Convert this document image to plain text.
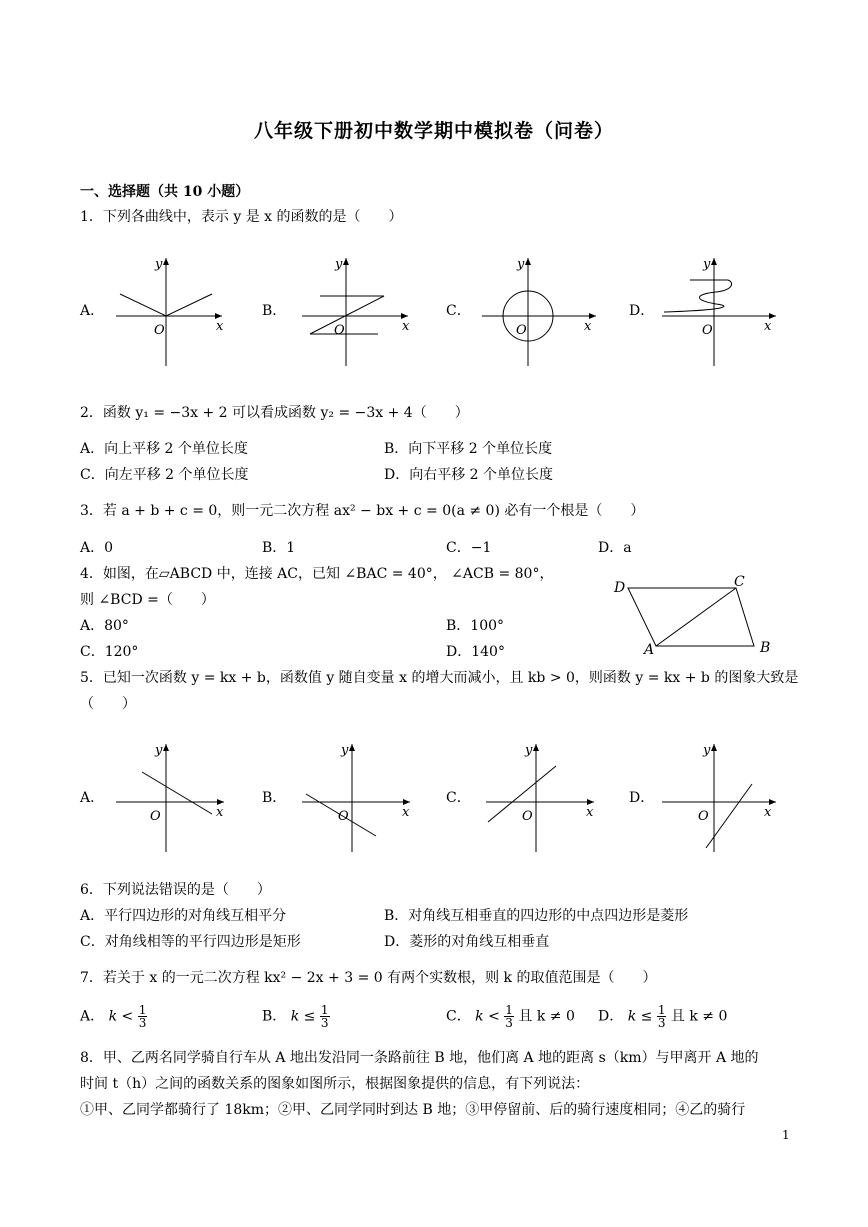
八年级下册初中数学期中模拟卷（问卷）
一、选择题（共 10 小题）
1．下列各曲线中，表示 y 是 x 的函数的是（　　）
A．	B．	C．	D．
O	x
y
O	x
y
O	x
y
O	x
y
2．函数 y₁ = −3x + 2 可以看成函数 y₂ = −3x + 4（　　）
A．向上平移 2 个单位长度	B．向下平移 2 个单位长度
C．向左平移 2 个单位长度	D．向右平移 2 个单位长度
3．若 a + b + c = 0，则一元二次方程 ax² − bx + c = 0(a ≠ 0) 必有一个根是（　　）
A．0	B．1	C．−1	D．a
4．如图，在▱ABCD 中，连接 AC，已知 ∠BAC = 40°， ∠ACB = 80°，
则 ∠BCD =（　　）
A．80°	B．100°
C．120°	D．140°
D	C
A	B
5．已知一次函数 y = kx + b，函数值 y 随自变量 x 的增大而减小，且 kb > 0，则函数 y = kx + b 的图象大致是
（　　）
A．	B．	C．	D．
O	x
y
O	x
y
O	x
y
O	x
y
6．下列说法错误的是（　　）
A．平行四边形的对角线互相平分	B．对角线互相垂直的四边形的中点四边形是菱形
C．对角线相等的平行四边形是矩形	D．菱形的对角线互相垂直
7．若关于 x 的一元二次方程 kx² − 2x + 3 = 0 有两个实数根，则 k 的取值范围是（　　）
A． $k < \frac{1}{3}$	B． $k \le \frac{1}{3}$	C． $k < \frac{1}{3}$ 且 k ≠ 0 D． $k \le \frac{1}{3}$ 且 k ≠ 0
8．甲、乙两名同学骑自行车从 A 地出发沿同一条路前往 B 地，他们离 A 地的距离 s（km）与甲离开 A 地的
时间 t（h）之间的函数关系的图象如图所示，根据图象提供的信息，有下列说法：
①甲、乙同学都骑行了 18km；②甲、乙同学同时到达 B 地；③甲停留前、后的骑行速度相同；④乙的骑行
1
